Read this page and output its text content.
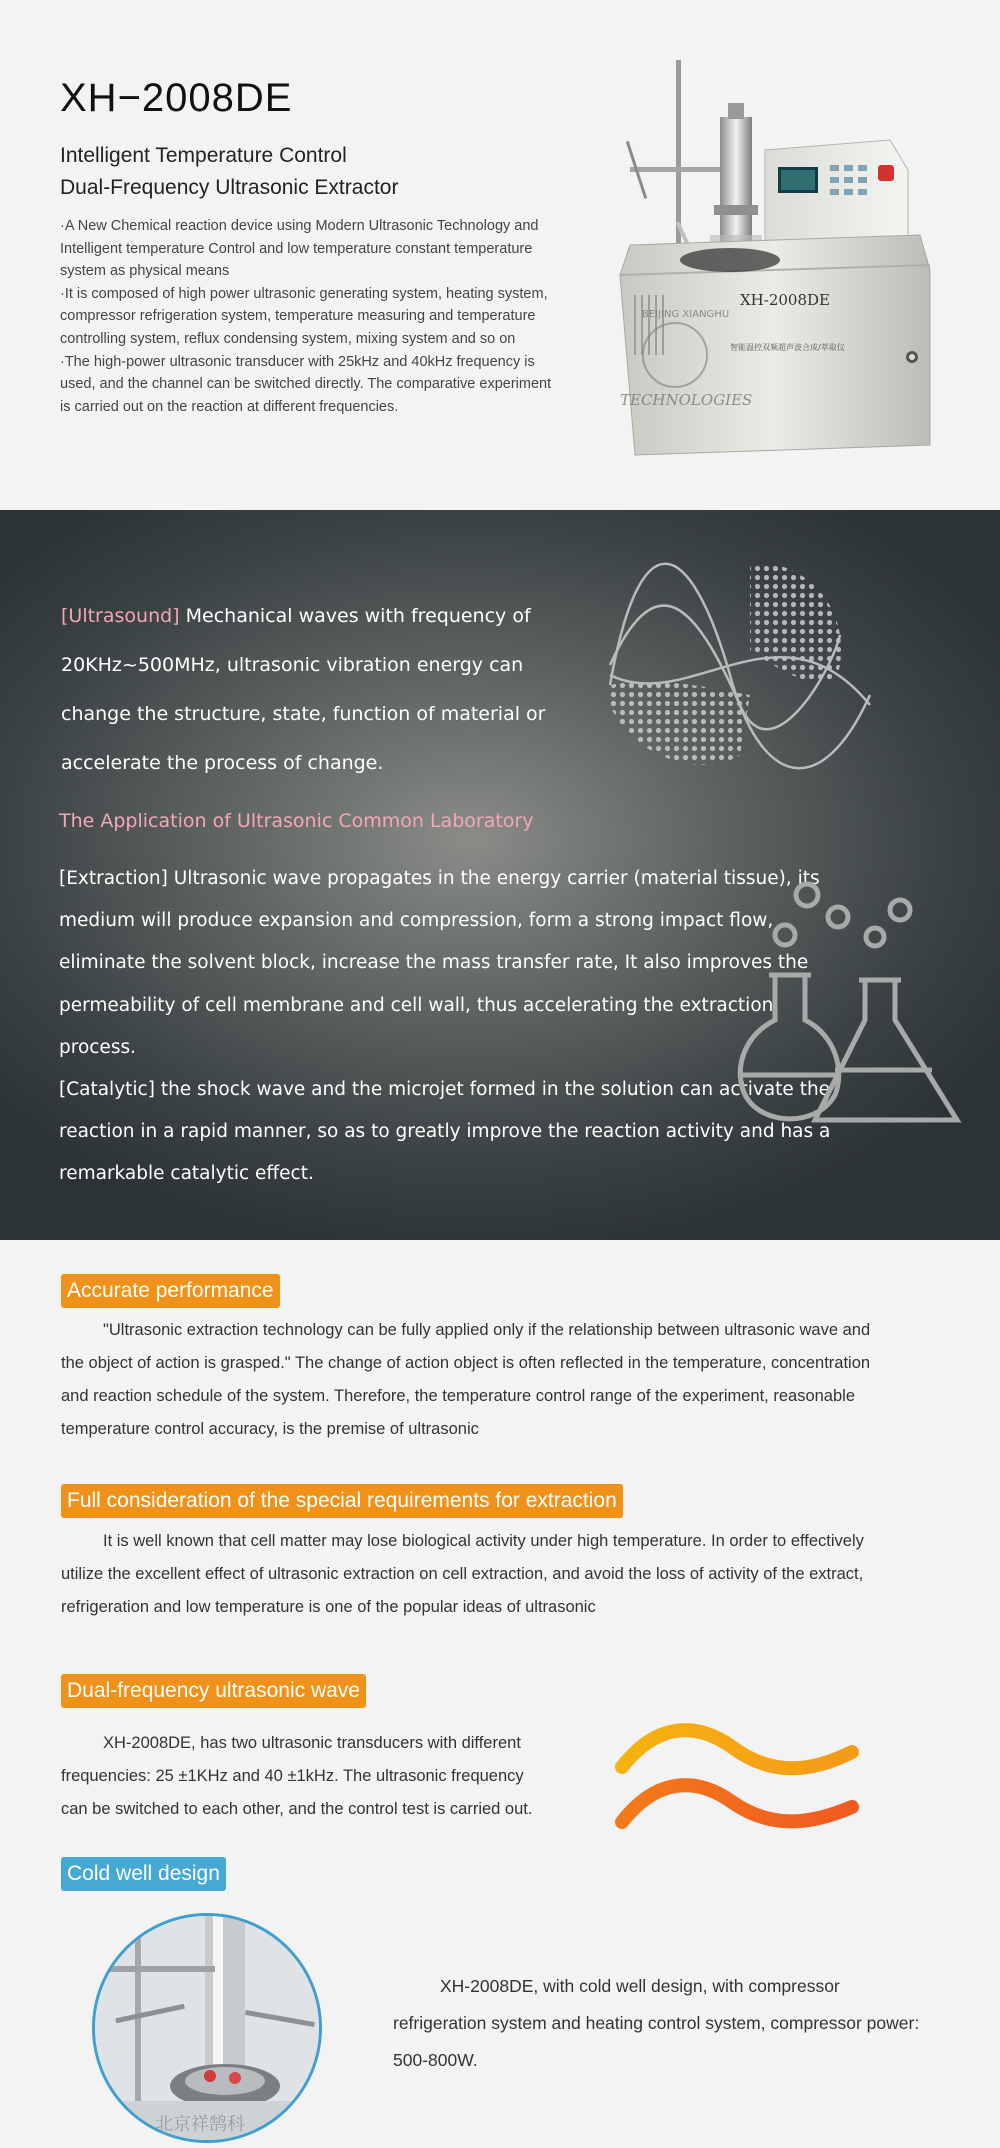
XH−2008DE
Intelligent Temperature Control
Dual-Frequency Ultrasonic Extractor

·A New Chemical reaction device using Modern Ultrasonic Technology and Intelligent temperature Control and low temperature constant temperature system as physical means

·It is composed of high power ultrasonic generating system, heating system, compressor refrigeration system, temperature measuring and temperature controlling system, reflux condensing system, mixing system and so on

·The high-power ultrasonic transducer with 25kHz and 40kHz frequency is used, and the channel can be switched directly. The comparative experiment is carried out on the reaction at different frequencies.

XH-2008DE
智能温控双频超声波合成/萃取仪
BEIJING XIANGHU
TECHNOLOGIES
[Ultrasound] Mechanical waves with frequency of 20KHz~500MHz, ultrasonic vibration energy can change the structure, state, function of material or accelerate the process of change.
The Application of Ultrasonic Common Laboratory

[Extraction] Ultrasonic wave propagates in the energy carrier (material tissue), its medium will produce expansion and compression, form a strong impact flow, eliminate the solvent block, increase the mass transfer rate, It also improves the permeability of cell membrane and cell wall, thus accelerating the extraction process.

[Catalytic] the shock wave and the microjet formed in the solution can activate the reaction in a rapid manner, so as to greatly improve the reaction activity and has a remarkable catalytic effect.

Accurate performance

"Ultrasonic extraction technology can be fully applied only if the relationship between ultrasonic wave and the object of action is grasped." The change of action object is often reflected in the temperature, concentration and reaction schedule of the system. Therefore, the temperature control range of the experiment, reasonable temperature control accuracy, is the premise of ultrasonic

Full consideration of the special requirements for extraction

It is well known that cell matter may lose biological activity under high temperature. In order to effectively utilize the excellent effect of ultrasonic extraction on cell extraction, and avoid the loss of activity of the extract, refrigeration and low temperature is one of the popular ideas of ultrasonic

Dual-frequency ultrasonic wave

XH-2008DE, has two ultrasonic transducers with different

frequencies: 25 ±1KHz and 40 ±1kHz. The ultrasonic frequency

can be switched to each other, and the control test is carried out.

Cold well design
北京祥鹄科
XH-2008DE, with cold well design, with compressor refrigeration system and heating control system, compressor power: 500-800W.
